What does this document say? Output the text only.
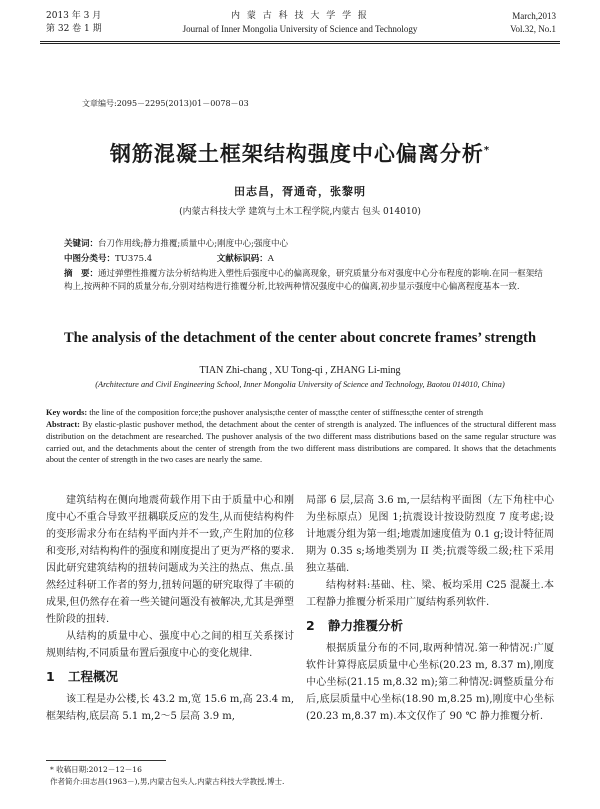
2013 年 3 月
第 32 卷 1 期
内 蒙 古 科 技 大 学 学 报
Journal of Inner Mongolia University of Science and Technology
March,2013
Vol.32, No.1
文章编号:2095－2295(2013)01－0078－03
钢筋混凝土框架结构强度中心偏离分析*
田志昌，胥通奇，张黎明
(内蒙古科技大学 建筑与土木工程学院,内蒙古 包头 014010)
关键词：台刀作用线;静力推覆;质量中心;刚度中心;强度中心
中图分类号：TU375.4	文献标识码：A
摘　要：通过弹塑性推覆方法分析结构进入塑性后强度中心的偏离现象，研究质量分布对强度中心分布程度的影响.在同一框架结构上,按两种不同的质量分布,分别对结构进行推覆分析,比较两种情况强度中心的偏离,初步显示强度中心偏离程度基本一致.
The analysis of the detachment of the center about concrete frames’ strength
TIAN Zhi-chang , XU Tong-qi , ZHANG Li-ming
(Architecture and Civil Engineering School, Inner Mongolia University of Science and Technology, Baotou 014010, China)
Key words: the line of the composition force;the pushover analysis;the center of mass;the center of stiffness;the center of strength
Abstract: By elastic-plastic pushover method, the detachment about the center of strength is analyzed. The influences of the structural different mass distribution on the detachment are researched. The pushover analysis of the two different mass distributions based on the same regular structure was carried out, and the detachments about the center of strength from the two different mass distributions are compared. It shows that the detachments about the center of strength in the two cases are nearly the same.

建筑结构在侧向地震荷载作用下由于质量中心和刚度中心不重合导致平扭耦联反应的发生,从而使结构构件的变形需求分布在结构平面内并不一致,产生附加的位移和变形,对结构构件的强度和刚度提出了更为严格的要求.因此研究建筑结构的扭转问题成为关注的热点、焦点.虽然经过科研工作者的努力,扭转问题的研究取得了丰硕的成果,但仍然存在着一些关键问题没有被解决,尤其是弹塑性阶段的扭转.

从结构的质量中心、强度中心之间的相互关系探讨规则结构,不同质量布置后强度中心的变化规律.

1 工程概况

该工程是办公楼,长 43.2 m,宽 15.6 m,高 23.4 m,框架结构,底层高 5.1 m,2～5 层高 3.9 m,

局部 6 层,层高 3.6 m,一层结构平面图（左下角柱中心为坐标原点）见图 1;抗震设计按设防烈度 7 度考虑;设计地震分组为第一组;地震加速度值为 0.1 g;设计特征周期为 0.35 s;场地类别为 II 类;抗震等级二级;柱下采用独立基础.

结构材料:基础、柱、梁、板均采用 C25 混凝土.本工程静力推覆分析采用广厦结构系列软件.

2 静力推覆分析

根据质量分布的不同,取两种情况.第一种情况:广厦软件计算得底层质量中心坐标(20.23 m, 8.37 m),刚度中心坐标(21.15 m,8.32 m);第二种情况:调整质量分布后,底层质量中心坐标(18.90 m,8.25 m),刚度中心坐标(20.23 m,8.37 m).本文仅作了 90 ℃ 静力推覆分析.

* 收稿日期:2012－12－16
作者简介:田志昌(1963－),男,内蒙古包头人,内蒙古科技大学教授,博士.
